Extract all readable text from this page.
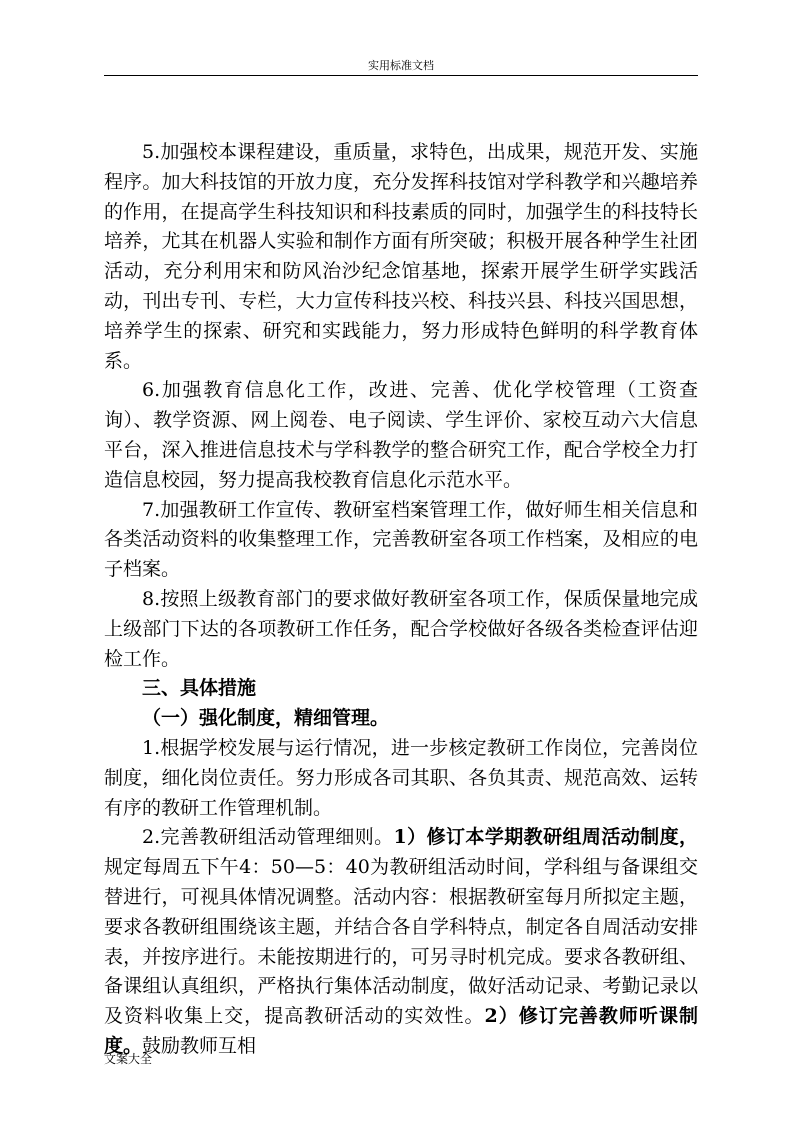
实用标准文档

5.加强校本课程建设，重质量，求特色，出成果，规范开发、实施程序。加大科技馆的开放力度，充分发挥科技馆对学科教学和兴趣培养的作用，在提高学生科技知识和科技素质的同时，加强学生的科技特长培养，尤其在机器人实验和制作方面有所突破；积极开展各种学生社团活动，充分利用宋和防风治沙纪念馆基地，探索开展学生研学实践活动，刊出专刊、专栏，大力宣传科技兴校、科技兴县、科技兴国思想，培养学生的探索、研究和实践能力，努力形成特色鲜明的科学教育体系。

6.加强教育信息化工作，改进、完善、优化学校管理（工资查询）、教学资源、网上阅卷、电子阅读、学生评价、家校互动六大信息平台，深入推进信息技术与学科教学的整合研究工作，配合学校全力打造信息校园，努力提高我校教育信息化示范水平。

7.加强教研工作宣传、教研室档案管理工作，做好师生相关信息和各类活动资料的收集整理工作，完善教研室各项工作档案，及相应的电子档案。

8.按照上级教育部门的要求做好教研室各项工作，保质保量地完成上级部门下达的各项教研工作任务，配合学校做好各级各类检查评估迎检工作。

三、具体措施

（一）强化制度，精细管理。

1.根据学校发展与运行情况，进一步核定教研工作岗位，完善岗位制度，细化岗位责任。努力形成各司其职、各负其责、规范高效、运转有序的教研工作管理机制。

2.完善教研组活动管理细则。1）修订本学期教研组周活动制度，规定每周五下午4：50—5：40为教研组活动时间，学科组与备课组交替进行，可视具体情况调整。活动内容：根据教研室每月所拟定主题，要求各教研组围绕该主题，并结合各自学科特点，制定各自周活动安排表，并按序进行。未能按期进行的，可另寻时机完成。要求各教研组、备课组认真组织，严格执行集体活动制度，做好活动记录、考勤记录以及资料收集上交，提高教研活动的实效性。2）修订完善教师听课制度。鼓励教师互相

文案大全
